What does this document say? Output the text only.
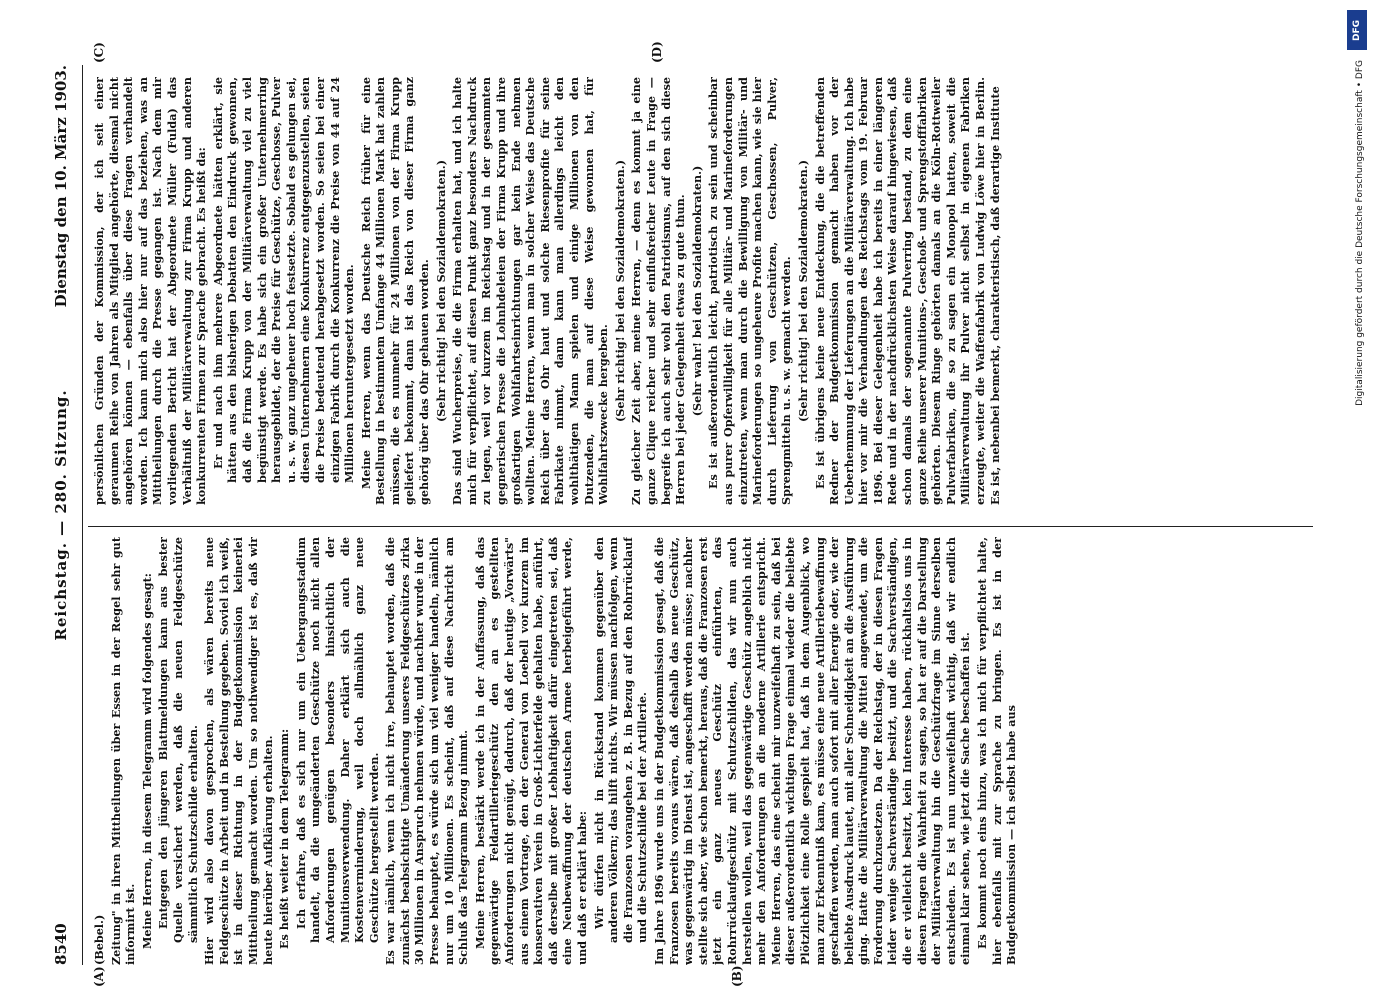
8540
Reichstag. — 280. Sitzung.
Dienstag den 10. März 1903.
(A)	(B)
(C)	(D)

(Bebel.) Zeitung" in ihren Mittheilungen über Essen in der Regel sehr gut informirt ist. Meine Herren, in diesem Telegramm wird folgendes gesagt: Entgegen den jüngeren Blattmeldungen kann aus bester Quelle versichert werden, daß die neuen Feldgeschütze sämmtlich Schutzschilde erhalten. Hier wird also davon gesprochen, als wären bereits neue Feldgeschütze in Arbeit und in Bestellung gegeben. Soviel ich weiß, ist in dieser Richtung in der Budgetkommission keinerlei Mittheilung gemacht worden. Um so nothwendiger ist es, daß wir heute hierüber Aufklärung erhalten. Es heißt weiter in dem Telegramm: Ich erfahre, daß es sich nur um ein Uebergangsstadium handelt, da die umgeänderten Geschütze noch nicht allen Anforderungen genügen besonders hinsichtlich der Munitionsverwendung. Daher erklärt sich auch die Kostenverminderung, weil doch allmählich ganz neue Geschütze hergestellt werden. Es war nämlich, wenn ich nicht irre, behauptet worden, daß die zunächst beabsichtigte Umänderung unseres Feldgeschützes zirka 30 Millionen in Anspruch nehmen würde, und nachher wurde in der Presse behauptet, es würde sich um viel weniger handeln, nämlich nur um 10 Millionen. Es scheint, daß auf diese Nachricht am Schluß das Telegramm Bezug nimmt. Meine Herren, bestärkt werde ich in der Auffassung, daß das gegenwärtige Feldartilleriegeschütz den an es gestellten Anforderungen nicht genügt, dadurch, daß der heutige „Vorwärts" aus einem Vortrage, den der General von Loebell vor kurzem im konservativen Verein in Groß-Lichterfelde gehalten habe, anführt, daß derselbe mit großer Lebhaftigkeit dafür eingetreten sei, daß eine Neubewaffnung der deutschen Armee herbeigeführt werde, und daß er erklärt habe: Wir dürfen nicht in Rückstand kommen gegenüber den anderen Völkern; das hilft nichts. Wir müssen nachfolgen, wenn die Franzosen vorangehen z. B. in Bezug auf den Rohrrücklauf und die Schutzschilde bei der Artillerie. Im Jahre 1896 wurde uns in der Budgetkommission gesagt, daß die Franzosen bereits voraus wären, daß deshalb das neue Geschütz, was gegenwärtig im Dienst ist, angeschafft werden müsse; nachher stellte sich aber, wie schon bemerkt, heraus, daß die Franzosen erst jetzt ein ganz neues Geschütz einführten, das Rohrrücklaufgeschütz mit Schutzschilden, das wir nun auch herstellen wollen, weil das gegenwärtige Geschütz angeblich nicht mehr den Anforderungen an die moderne Artillerie entspricht. Meine Herren, das eine scheint mir unzweifelhaft zu sein, daß bei dieser außerordentlich wichtigen Frage einmal wieder die beliebte Plötzlichkeit eine Rolle gespielt hat, daß in dem Augenblick, wo man zur Erkenntniß kam, es müsse eine neue Artilleriebewaffnung geschaffen werden, man auch sofort mit aller Energie oder, wie der beliebte Ausdruck lautet, mit aller Schneidigkeit an die Ausführung ging. Hatte die Militärverwaltung die Mittel angewendet, um die Forderung durchzusetzen. Da der Reichstag, der in diesen Fragen leider wenige Sachverständige besitzt, und die Sachverständigen, die er vielleicht besitzt, kein Interesse haben, rückhaltslos uns in diesen Fragen die Wahrheit zu sagen, so hat er auf die Darstellung der Militärverwaltung hin die Geschützfrage im Sinne derselben entschieden. Es ist nun unzweifelhaft wichtig, daß wir endlich einmal klar sehen, wie jetzt die Sache beschaffen ist. Es kommt noch eins hinzu, was ich mich für verpflichtet halte, hier ebenfalls mit zur Sprache zu bringen. Es ist in der Budgetkommission — ich selbst habe aus

persönlichen Gründen der Kommission, der ich seit einer geraumen Reihe von Jahren als Mitglied angehörte, diesmal nicht angehören können — ebenfalls über diese Fragen verhandelt worden. Ich kann mich also hier nur auf das beziehen, was an Mittheilungen durch die Presse gegangen ist. Nach dem mir vorliegenden Bericht hat der Abgeordnete Müller (Fulda) das Verhältniß der Militärverwaltung zur Firma Krupp und anderen konkurrenten Firmen zur Sprache gebracht. Es heißt da: Er und nach ihm mehrere Abgeordnete hätten erklärt, sie hätten aus den bisherigen Debatten den Eindruck gewonnen, daß die Firma Krupp von der Militärverwaltung viel zu viel begünstigt werde. Es habe sich ein großer Unternehmerring herausgebildet, der die Preise für Geschütze, Geschosse, Pulver u. s. w. ganz ungeheuer hoch festsetzte. Sobald es gelungen sei, diesen Unternehmern eine Konkurrenz entgegenzustellen, seien die Preise bedeutend herabgesetzt worden. So seien bei einer einzigen Fabrik durch die Konkurrenz die Preise von 44 auf 24 Millionen heruntergesetzt worden. Meine Herren, wenn das Deutsche Reich früher für eine Bestellung in bestimmtem Umfange 44 Millionen Mark hat zahlen müssen, die es nunmehr für 24 Millionen von der Firma Krupp geliefert bekommt, dann ist das Reich von dieser Firma ganz gehörig über das Ohr gehauen worden. (Sehr richtig! bei den Sozialdemokraten.) Das sind Wucherpreise, die die Firma erhalten hat, und ich halte mich für verpflichtet, auf diesen Punkt ganz besonders Nachdruck zu legen, weil vor kurzem im Reichstag und in der gesammten gegnerischen Presse die Lohnhdeleien der Firma Krupp und ihre großartigen Wohlfahrtseinrichtungen gar kein Ende nehmen wollten. Meine Herren, wenn man in solcher Weise das Deutsche Reich über das Ohr haut und solche Riesenprofite für seine Fabrikate nimmt, dann kann man allerdings leicht den wohlthätigen Mann spielen und einige Millionen von den Dutzenden, die man auf diese Weise gewonnen hat, für Wohlfahrtszwecke hergeben. (Sehr richtig! bei den Sozialdemokraten.) Zu gleicher Zeit aber, meine Herren, — denn es kommt ja eine ganze Clique reicher und sehr einflußreicher Leute in Frage — begreife ich auch sehr wohl den Patriotismus, auf den sich diese Herren bei jeder Gelegenheit etwas zu gute thun. (Sehr wahr! bei den Sozialdemokraten.) Es ist außerordentlich leicht, patriotisch zu sein und scheinbar aus purer Opferwilligkeit für alle Militär- und Marineforderungen einzutreten, wenn man durch die Bewilligung von Militär- und Marineforderungen so ungeheure Profite machen kann, wie sie hier durch Lieferung von Geschützen, Geschossen, Pulver, Sprengmitteln u. s. w. gemacht werden. (Sehr richtig! bei den Sozialdemokraten.) Es ist übrigens keine neue Entdeckung, die die betreffenden Redner der Budgetkommission gemacht haben vor der Ueberhemmung der Lieferungen an die Militärverwaltung. Ich habe hier vor mir die Verhandlungen des Reichstags vom 19. Februar 1896. Bei dieser Gelegenheit habe ich bereits in einer längeren Rede und in der nachdrücklichsten Weise darauf hingewiesen, daß schon damals der sogenannte Pulverring bestand, zu dem eine ganze Reihe unserer Munitions-, Geschoß- und Sprengstofffabriken gehörten. Diesem Ringe gehörten damals an die Köln-Rottweiler Pulverfabriken, die so zu sagen ein Monopol hatten, soweit die Militärverwaltung ihr Pulver nicht selbst in eigenen Fabriken erzeugte, weiter die Waffenfabrik von Ludwig Löwe hier in Berlin. Es ist, nebenbei bemerkt, charakteristisch, daß derartige Institute

DFG
Digitalisierung gefördert durch die Deutsche Forschungsgemeinschaft • DFG
